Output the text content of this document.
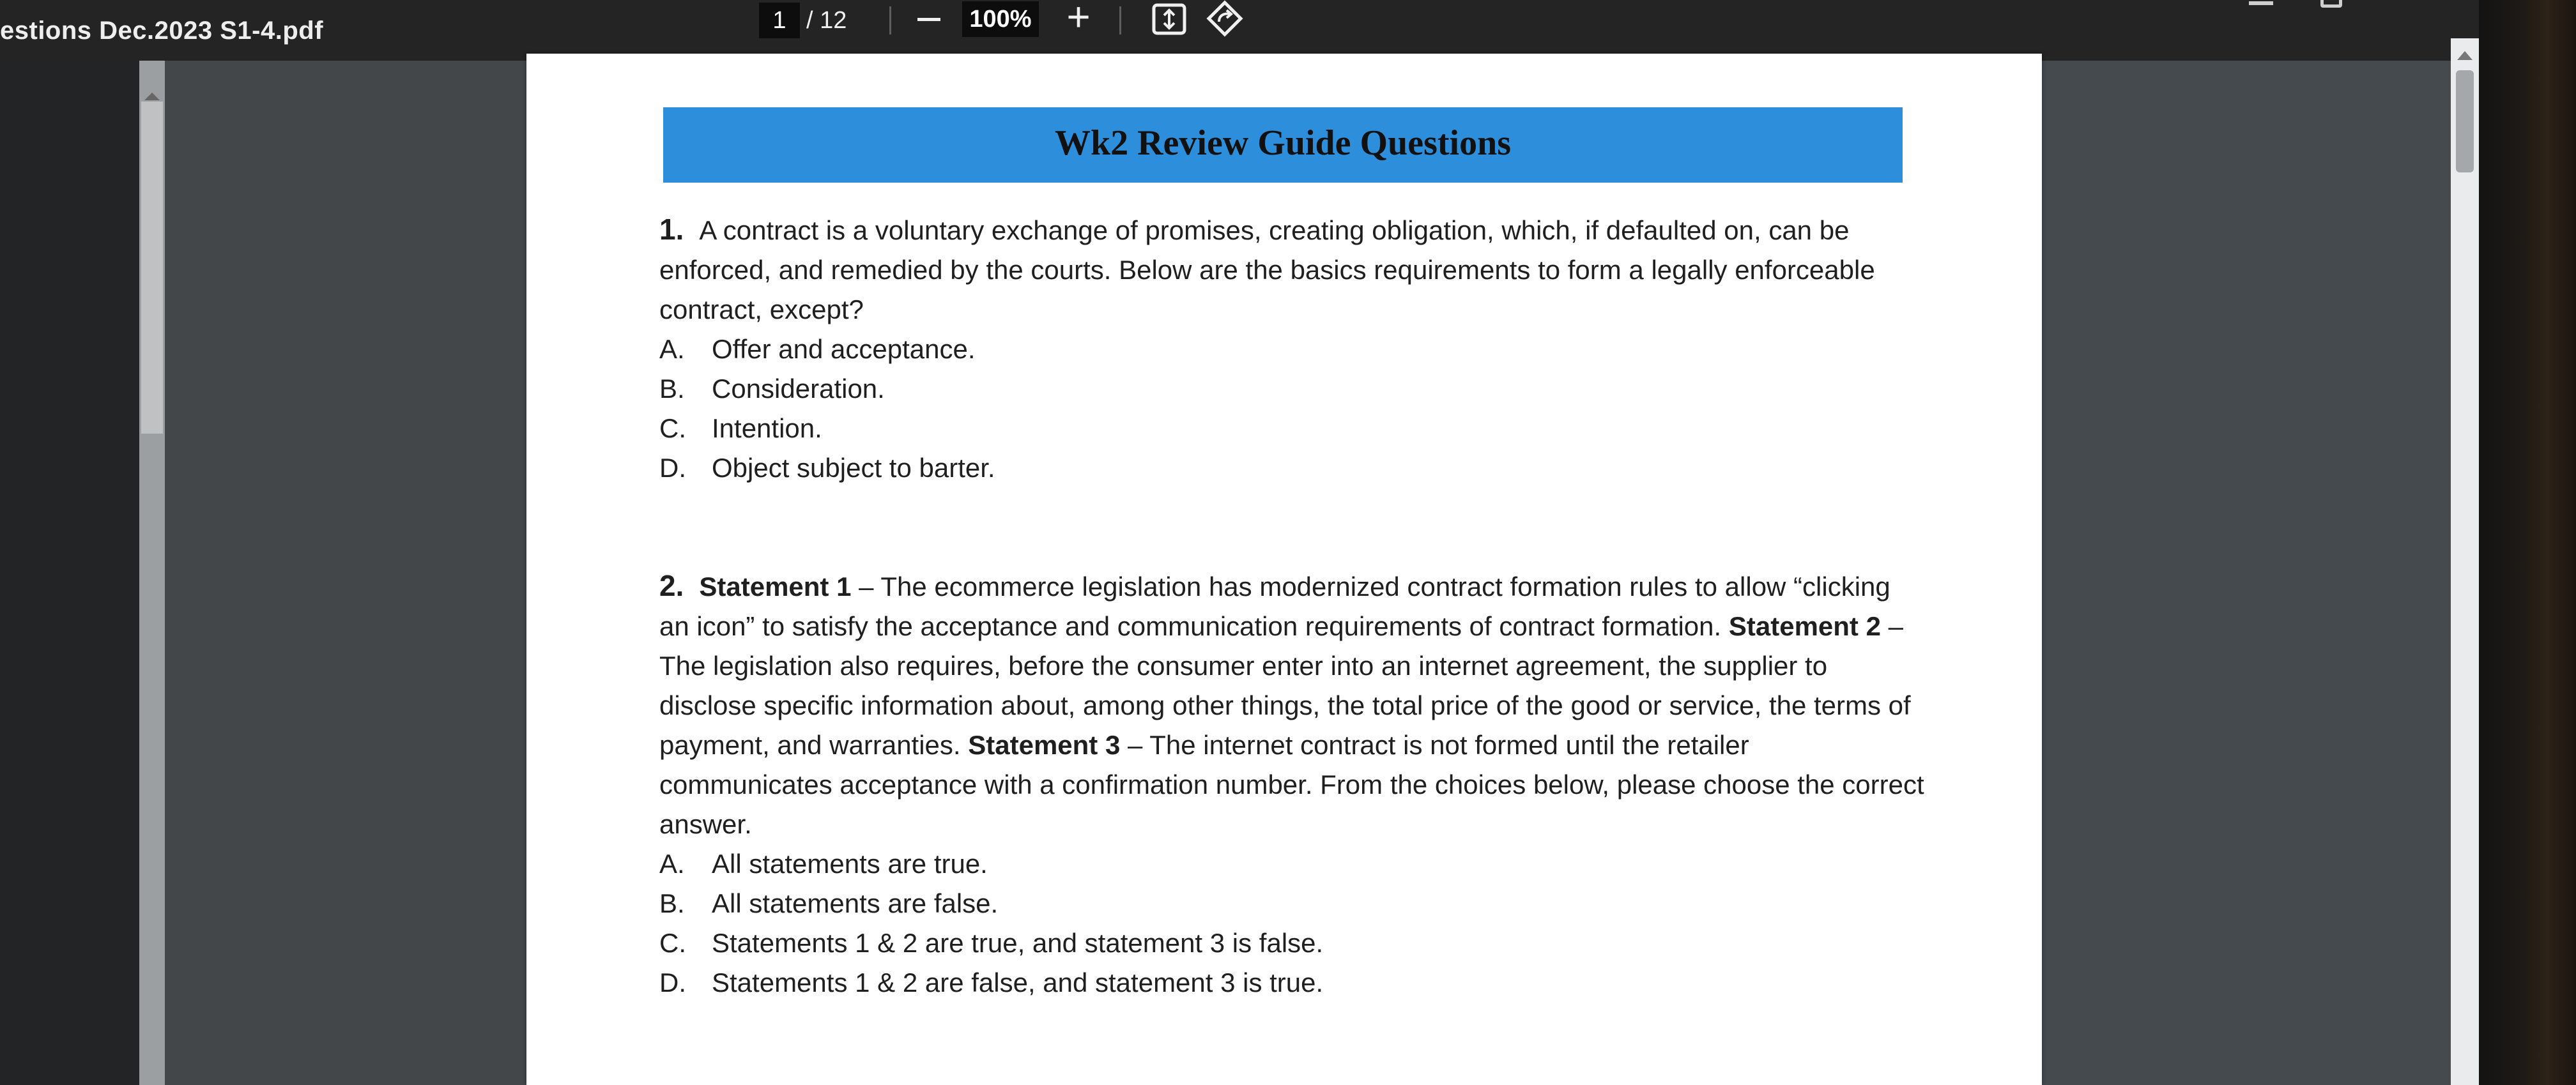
estions Dec.2023 S1-4.pdf	1 / 12	100% +
Wk2 Review Guide Questions
1. A contract is a voluntary exchange of promises, creating obligation, which, if defaulted on, can be enforced, and remedied by the courts. Below are the basics requirements to form a legally enforceable contract, except?
A.	Offer and acceptance.
B.	Consideration.
C. Intention.
D. Object subject to barter.
2. Statement 1 – The ecommerce legislation has modernized contract formation rules to allow “clicking an icon” to satisfy the acceptance and communication requirements of contract formation. Statement 2 – The legislation also requires, before the consumer enter into an internet agreement, the supplier to disclose specific information about, among other things, the total price of the good or service, the terms of payment, and warranties. Statement 3 – The internet contract is not formed until the retailer communicates acceptance with a confirmation number. From the choices below, please choose the correct answer.
A.	All statements are true.
B.	All statements are false.
C. Statements 1 & 2 are true, and statement 3 is false.
D. Statements 1 & 2 are false, and statement 3 is true.
